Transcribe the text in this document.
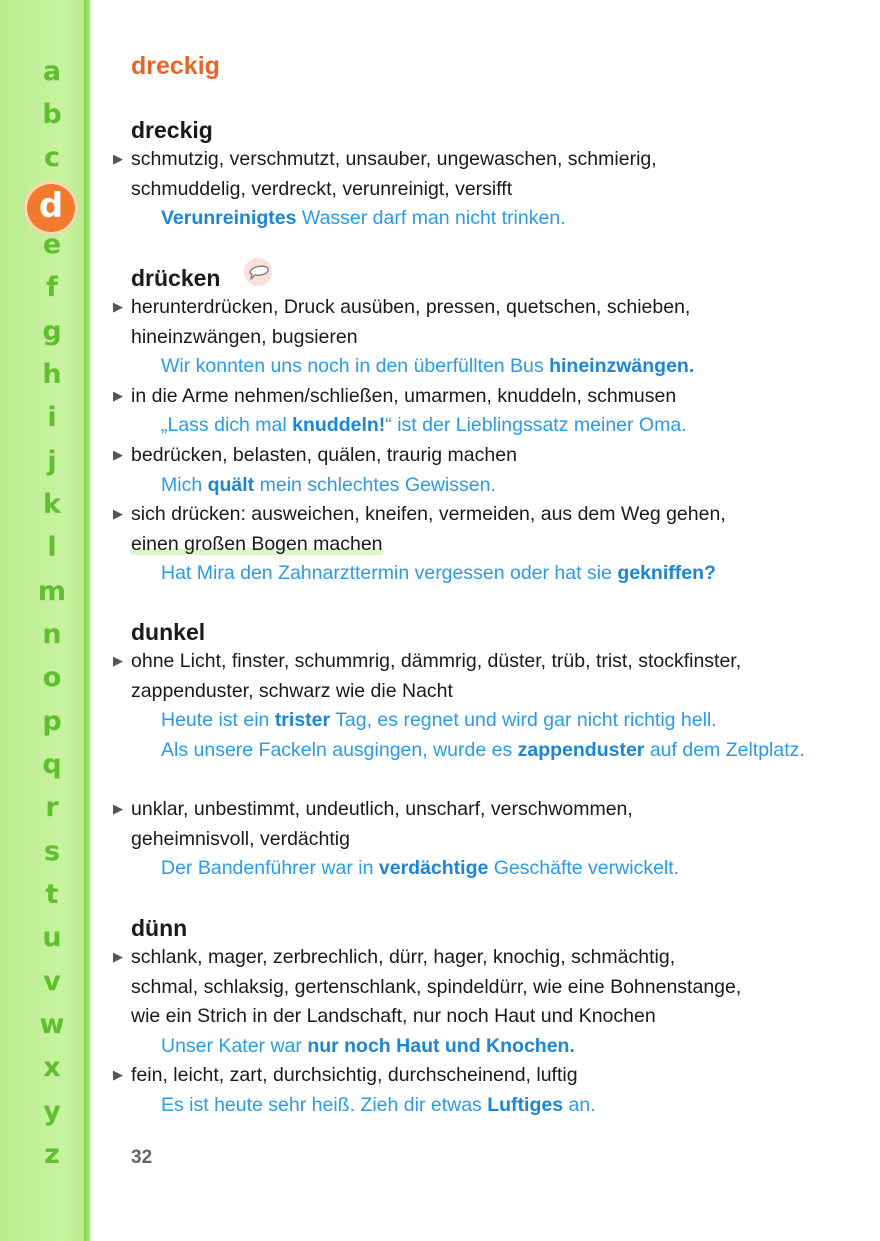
a
b
c
d
e
f
g
h
i
j
k
l
m
n
o
p
q
r
s
t
u
v
w
x
y
z
dreckig
dreckig
▶ schmutzig, verschmutzt, unsauber, ungewaschen, schmierig,
schmuddelig, verdreckt, verunreinigt, versifft
Verunreinigtes Wasser darf man nicht trinken.
drücken
▶ herunterdrücken, Druck ausüben, pressen, quetschen, schieben,
hineinzwängen, bugsieren
Wir konnten uns noch in den überfüllten Bus hineinzwängen.
▶ in die Arme nehmen/schließen, umarmen, knuddeln, schmusen
„Lass dich mal knuddeln!“ ist der Lieblingssatz meiner Oma.
▶ bedrücken, belasten, quälen, traurig machen
Mich quält mein schlechtes Gewissen.
▶ sich drücken: ausweichen, kneifen, vermeiden, aus dem Weg gehen,
einen großen Bogen machen
Hat Mira den Zahnarzttermin vergessen oder hat sie gekniffen?
dunkel
▶ ohne Licht, finster, schummrig, dämmrig, düster, trüb, trist, stockfinster,
zappenduster, schwarz wie die Nacht
Heute ist ein trister Tag, es regnet und wird gar nicht richtig hell.
Als unsere Fackeln ausgingen, wurde es zappenduster auf dem Zeltplatz.
▶ unklar, unbestimmt, undeutlich, unscharf, verschwommen,
geheimnisvoll, verdächtig
Der Bandenführer war in verdächtige Geschäfte verwickelt.
dünn
▶ schlank, mager, zerbrechlich, dürr, hager, knochig, schmächtig,
schmal, schlaksig, gertenschlank, spindeldürr, wie eine Bohnenstange,
wie ein Strich in der Landschaft, nur noch Haut und Knochen
Unser Kater war nur noch Haut und Knochen.
▶ fein, leicht, zart, durchsichtig, durchscheinend, luftig
Es ist heute sehr heiß. Zieh dir etwas Luftiges an.
32
